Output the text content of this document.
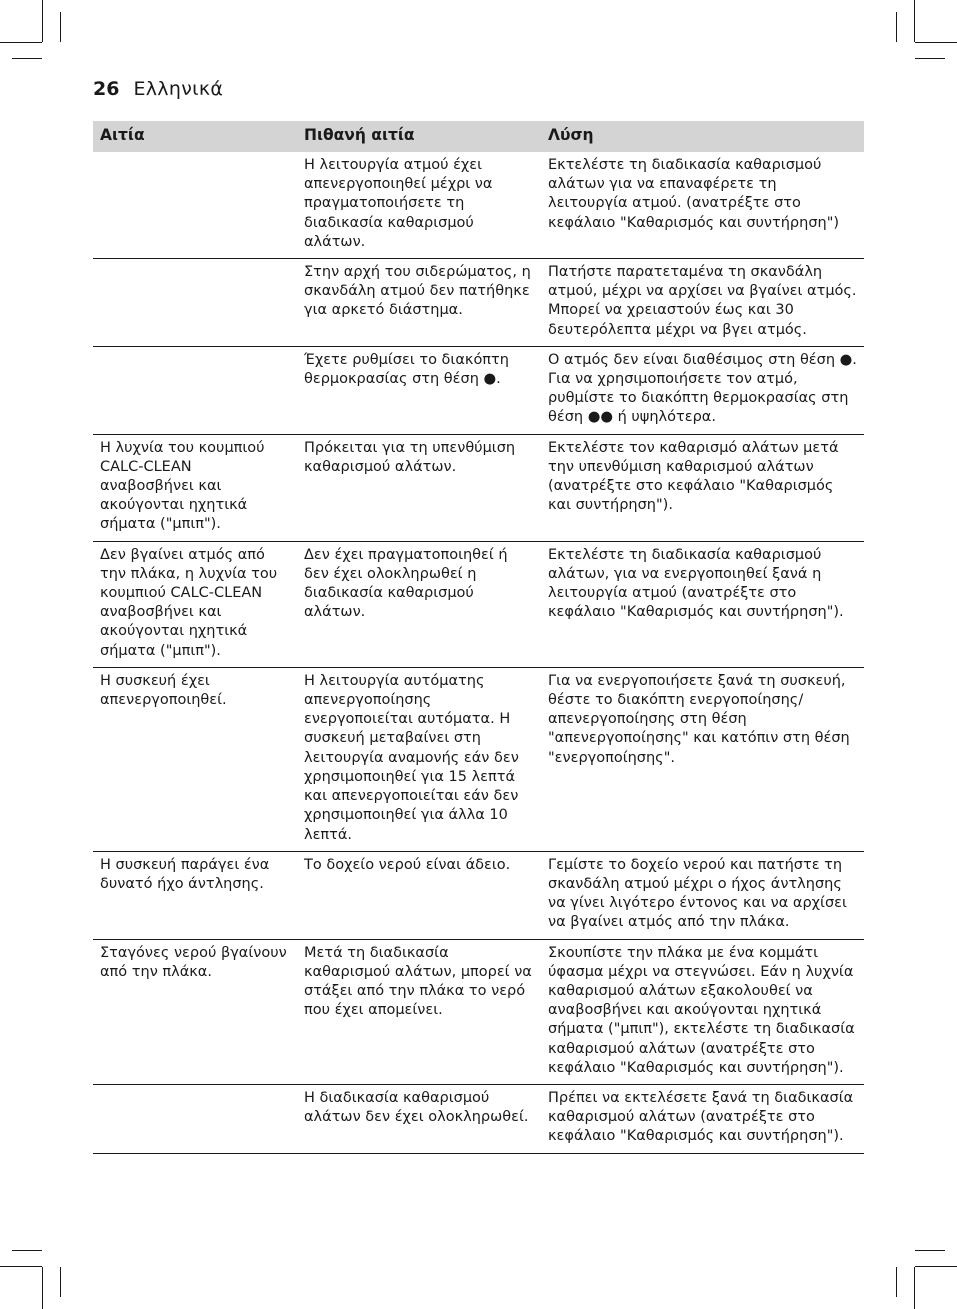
26 Ελληνικά
Αιτία	Πιθανή αιτία	Λύση
	Η λειτουργία ατμού έχει απενεργοποιηθεί μέχρι να πραγματοποιήσετε τη διαδικασία καθαρισμού αλάτων.	Εκτελέστε τη διαδικασία καθαρισμού αλάτων για να επαναφέρετε τη λειτουργία ατμού. (ανατρέξτε στο κεφάλαιο "Καθαρισμός και συντήρηση")
	Στην αρχή του σιδερώματος, η σκανδάλη ατμού δεν πατήθηκε για αρκετό διάστημα.	Πατήστε παρατεταμένα τη σκανδάλη ατμού, μέχρι να αρχίσει να βγαίνει ατμός. Μπορεί να χρειαστούν έως και 30 δευτερόλεπτα μέχρι να βγει ατμός.
	Έχετε ρυθμίσει το διακόπτη θερμοκρασίας στη θέση ●.	Ο ατμός δεν είναι διαθέσιμος στη θέση ●. Για να χρησιμοποιήσετε τον ατμό, ρυθμίστε το διακόπτη θερμοκρασίας στη θέση ●● ή υψηλότερα.
Η λυχνία του κουμπιού CALC-CLEAN αναβοσβήνει και ακούγονται ηχητικά σήματα ("μπιπ").	Πρόκειται για τη υπενθύμιση καθαρισμού αλάτων.	Εκτελέστε τον καθαρισμό αλάτων μετά την υπενθύμιση καθαρισμού αλάτων (ανατρέξτε στο κεφάλαιο "Καθαρισμός και συντήρηση").
Δεν βγαίνει ατμός από την πλάκα, η λυχνία του κουμπιού CALC-CLEAN αναβοσβήνει και ακούγονται ηχητικά σήματα ("μπιπ").	Δεν έχει πραγματοποιηθεί ή δεν έχει ολοκληρωθεί η διαδικασία καθαρισμού αλάτων.	Εκτελέστε τη διαδικασία καθαρισμού αλάτων, για να ενεργοποιηθεί ξανά η λειτουργία ατμού (ανατρέξτε στο κεφάλαιο "Καθαρισμός και συντήρηση").
Η συσκευή έχει απενεργοποιηθεί.	Η λειτουργία αυτόματης απενεργοποίησης ενεργοποιείται αυτόματα. Η συσκευή μεταβαίνει στη λειτουργία αναμονής εάν δεν χρησιμοποιηθεί για 15 λεπτά και απενεργοποιείται εάν δεν χρησιμοποιηθεί για άλλα 10 λεπτά.	Για να ενεργοποιήσετε ξανά τη συσκευή, θέστε το διακόπτη ενεργοποίησης/απενεργοποίησης στη θέση "απενεργοποίησης" και κατόπιν στη θέση "ενεργοποίησης".
Η συσκευή παράγει ένα δυνατό ήχο άντλησης.	Το δοχείο νερού είναι άδειο.	Γεμίστε το δοχείο νερού και πατήστε τη σκανδάλη ατμού μέχρι ο ήχος άντλησης να γίνει λιγότερο έντονος και να αρχίσει να βγαίνει ατμός από την πλάκα.
Σταγόνες νερού βγαίνουν από την πλάκα.	Μετά τη διαδικασία καθαρισμού αλάτων, μπορεί να στάξει από την πλάκα το νερό που έχει απομείνει.	Σκουπίστε την πλάκα με ένα κομμάτι ύφασμα μέχρι να στεγνώσει. Εάν η λυχνία καθαρισμού αλάτων εξακολουθεί να αναβοσβήνει και ακούγονται ηχητικά σήματα ("μπιπ"), εκτελέστε τη διαδικασία καθαρισμού αλάτων (ανατρέξτε στο κεφάλαιο "Καθαρισμός και συντήρηση").
	Η διαδικασία καθαρισμού αλάτων δεν έχει ολοκληρωθεί.	Πρέπει να εκτελέσετε ξανά τη διαδικασία καθαρισμού αλάτων (ανατρέξτε στο κεφάλαιο "Καθαρισμός και συντήρηση").
